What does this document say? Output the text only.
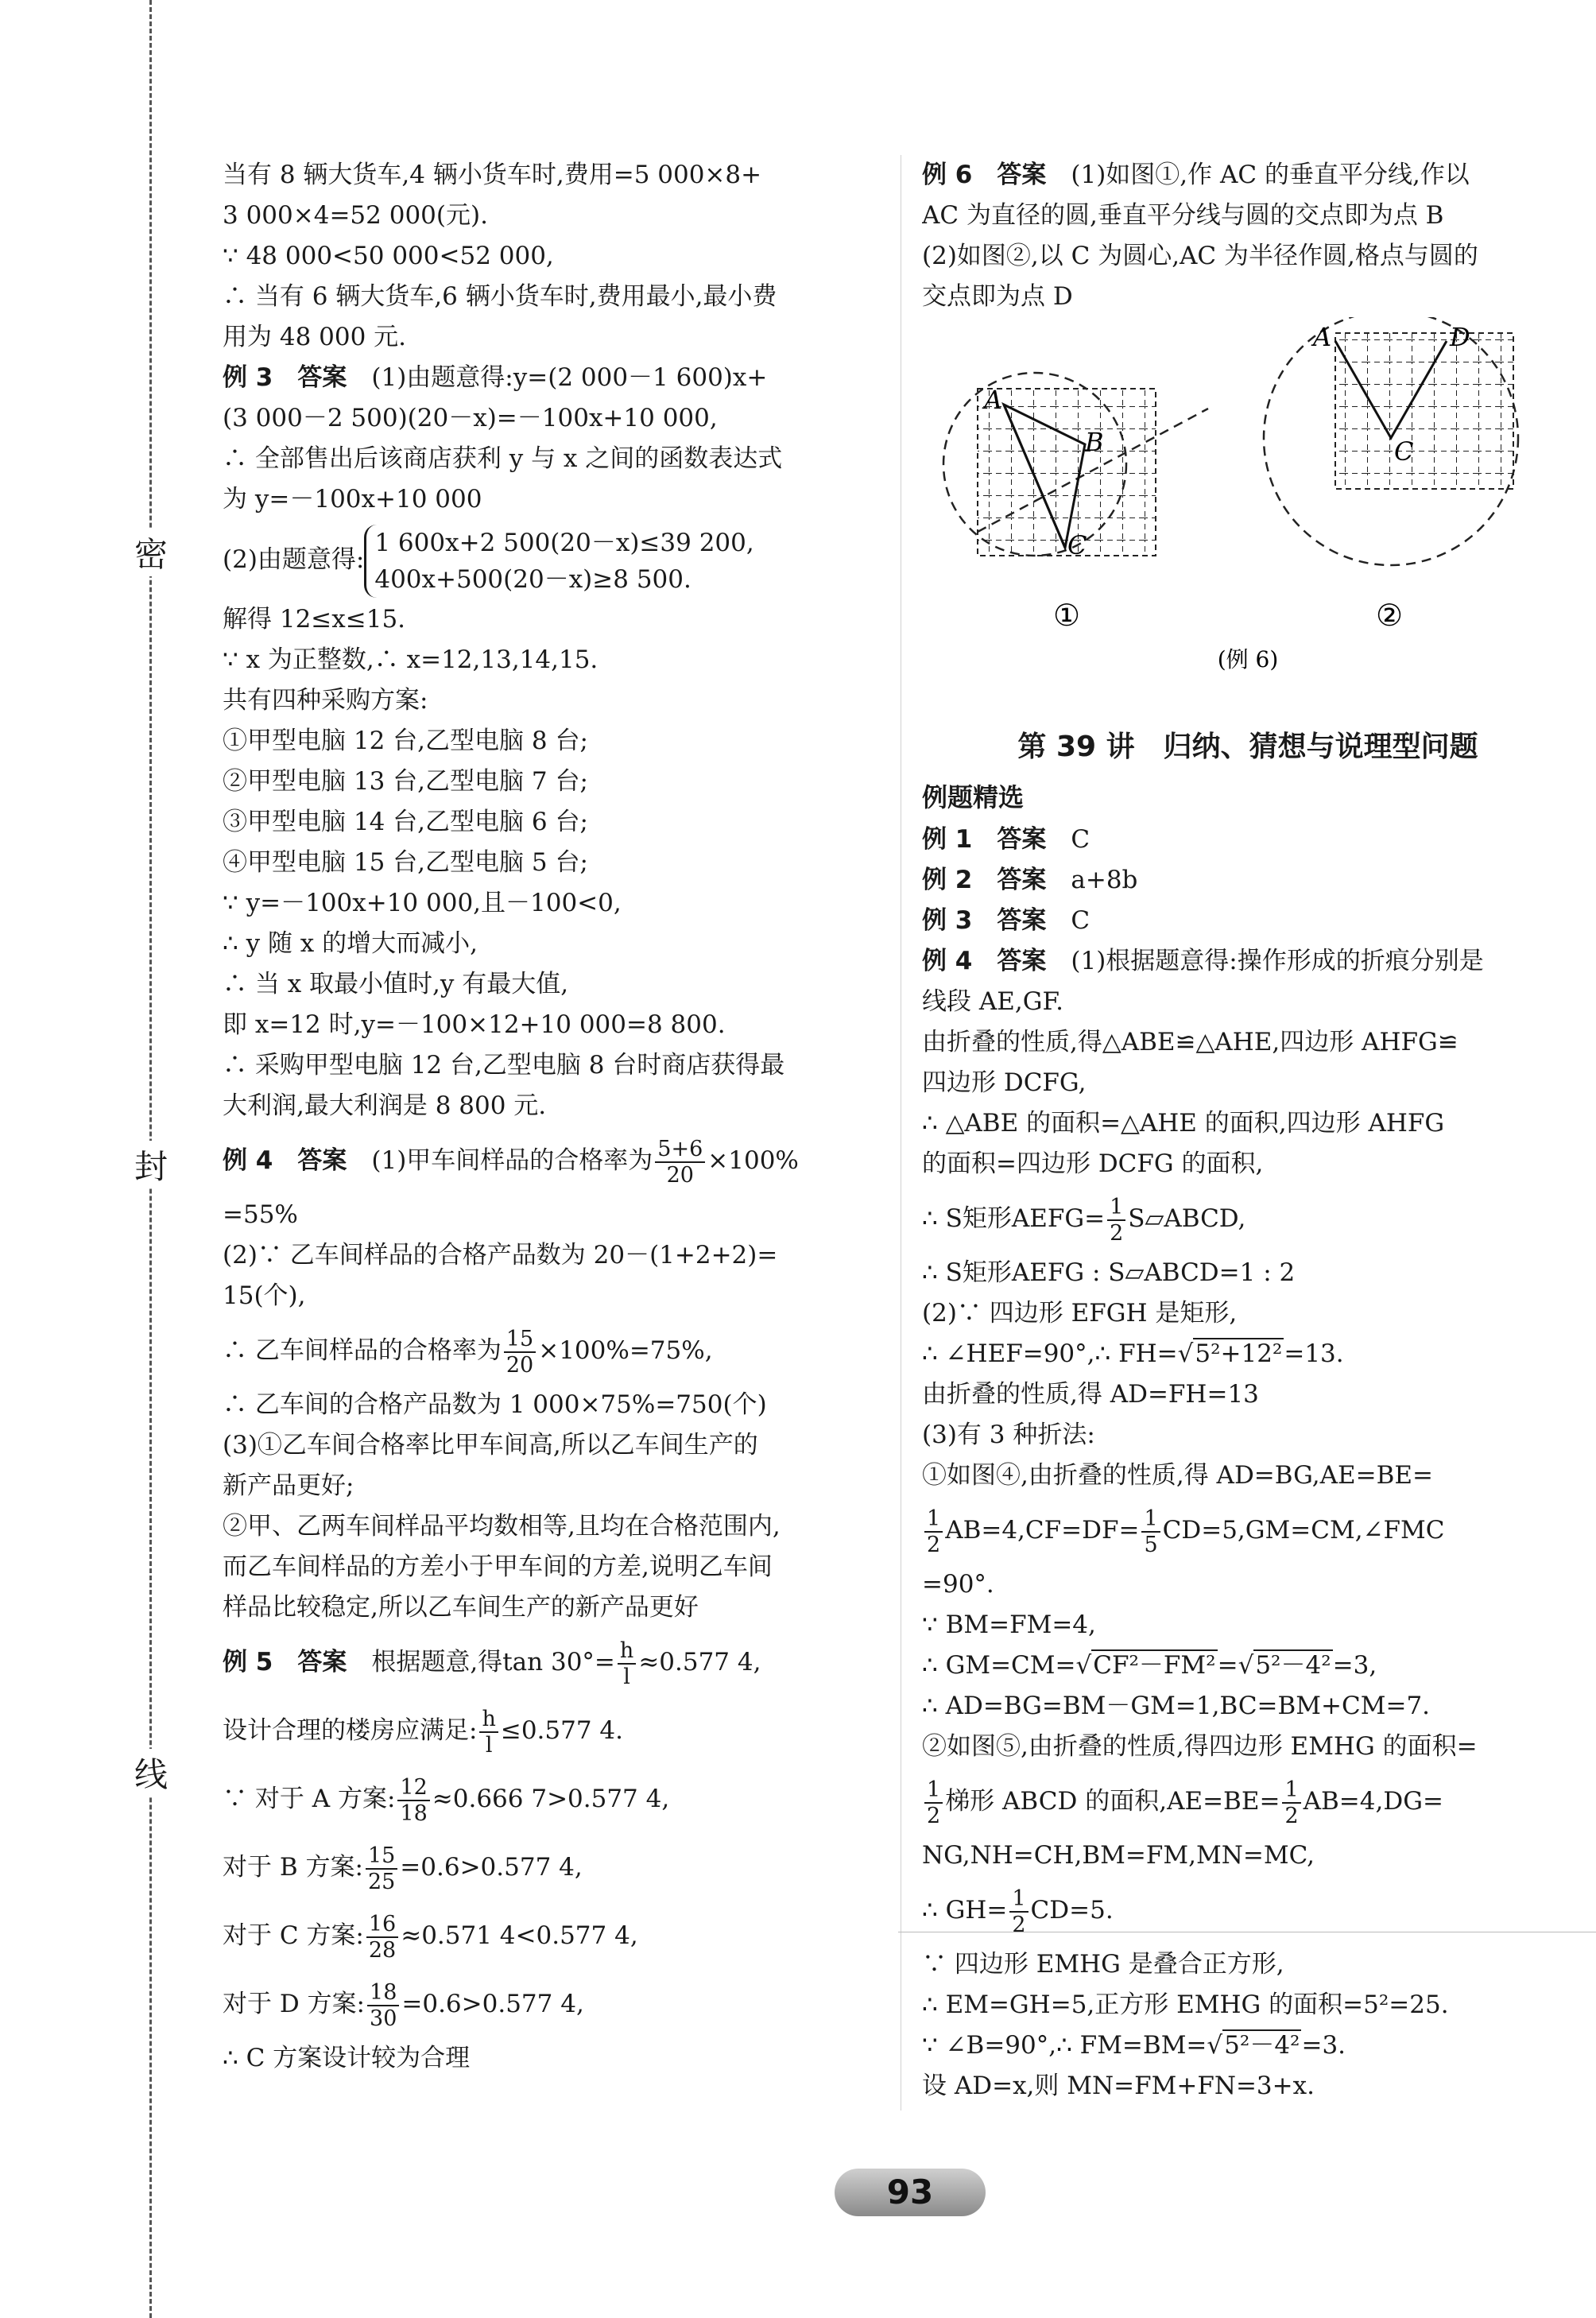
密
封
线
当有 8 辆大货车,4 辆小货车时,费用=5 000×8+
3 000×4=52 000(元).
∵ 48 000<50 000<52 000,
∴ 当有 6 辆大货车,6 辆小货车时,费用最小,最小费
用为 48 000 元.
例 3　答案　 (1)由题意得:y=(2 000－1 600)x+
(3 000－2 500)(20－x)=－100x+10 000,
∴ 全部售出后该商店获利 y 与 x 之间的函数表达式
为 y=－100x+10 000
(2)由题意得:
1 600x+2 500(20－x)≤39 200,
400x+500(20－x)≥8 500.
解得 12≤x≤15.
∵ x 为正整数,∴ x=12,13,14,15.
共有四种采购方案:
①甲型电脑 12 台,乙型电脑 8 台;
②甲型电脑 13 台,乙型电脑 7 台;
③甲型电脑 14 台,乙型电脑 6 台;
④甲型电脑 15 台,乙型电脑 5 台;
∵ y=－100x+10 000,且－100<0,
∴ y 随 x 的增大而减小,
∴ 当 x 取最小值时,y 有最大值,
即 x=12 时,y=－100×12+10 000=8 800.
∴ 采购甲型电脑 12 台,乙型电脑 8 台时商店获得最
大利润,最大利润是 8 800 元.
例 4　答案　 (1)甲车间样品的合格率为 $\frac{5+6}{20} \times 100\%$
=55%
(2)∵ 乙车间样品的合格产品数为 20－(1+2+2)=
15(个),
∴ 乙车间样品的合格率为 $\frac{15}{20} \times 100\%=75\%$,
∴ 乙车间的合格产品数为 1 000×75%=750(个)
(3)①乙车间合格率比甲车间高,所以乙车间生产的
新产品更好;
②甲、乙两车间样品平均数相等,且均在合格范围内,
而乙车间样品的方差小于甲车间的方差,说明乙车间
样品比较稳定,所以乙车间生产的新产品更好
例 5　答案　 根据题意,得$\tan 30^\circ= \frac{h}{l} \approx 0.577$ 4,
设计合理的楼房应满足: $\frac{h}{l} \le 0.577$ 4.
∵ 对于 A 方案: $\frac{12}{18} \approx 0.666$ 7>0.577 4,
对于 B 方案: $\frac{15}{25} =0.6>0.577$ 4,
对于 C 方案: $\frac{16}{28} \approx 0.571$ 4<0.577 4,
对于 D 方案: $\frac{18}{30} =0.6>0.577$ 4,
∴ C 方案设计较为合理
例 6　答案　 (1)如图①,作 AC 的垂直平分线,作以
AC 为直径的圆,垂直平分线与圆的交点即为点 B
(2)如图②,以 C 为圆心,AC 为半径作圆,格点与圆的
交点即为点 D
A
B
C
①
A	D
C
②
(例 6)
第 39 讲　归纳、猜想与说理型问题
例题精选
例 1　答案　 C
例 2　答案　 a+8b
例 3　答案　 C
例 4　答案　 (1)根据题意得:操作形成的折痕分别是
线段 AE,GF.
由折叠的性质,得△ABE≌△AHE,四边形 AHFG≌
四边形 DCFG,
∴ △ABE 的面积=△AHE 的面积,四边形 AHFG
的面积=四边形 DCFG 的面积,
∴ S矩形AEFG= $\frac{1}{2}$ S▱ABCD,
∴ S矩形AEFG : S▱ABCD=1 : 2
(2)∵ 四边形 EFGH 是矩形,
∴ ∠HEF=90°,∴ FH=√5²+12²=13.
由折叠的性质,得 AD=FH=13
(3)有 3 种折法:
①如图④,由折叠的性质,得 AD=BG,AE=BE=
$\frac{1}{2} AB=4,CF=DF= \frac{1}{5}$ CD=5,GM=CM,∠FMC
=90°.
∵ BM=FM=4,
∴ GM=CM=√CF²－FM²=√5²－4²=3,
∴ AD=BG=BM－GM=1,BC=BM+CM=7.
②如图⑤,由折叠的性质,得四边形 EMHG 的面积=
$\frac{1}{2}$ 梯形 ABCD 的面积$,AE=BE= \frac{1}{2} AB=4,DG=$
NG,NH=CH,BM=FM,MN=MC,
∴ $GH= \frac{1}{2} CD=5$.
∵ 四边形 EMHG 是叠合正方形,
∴ EM=GH=5,正方形 EMHG 的面积=5²=25.
∵ ∠B=90°,∴ FM=BM=√5²－4²=3.
设 AD=x,则 MN=FM+FN=3+x.
93
